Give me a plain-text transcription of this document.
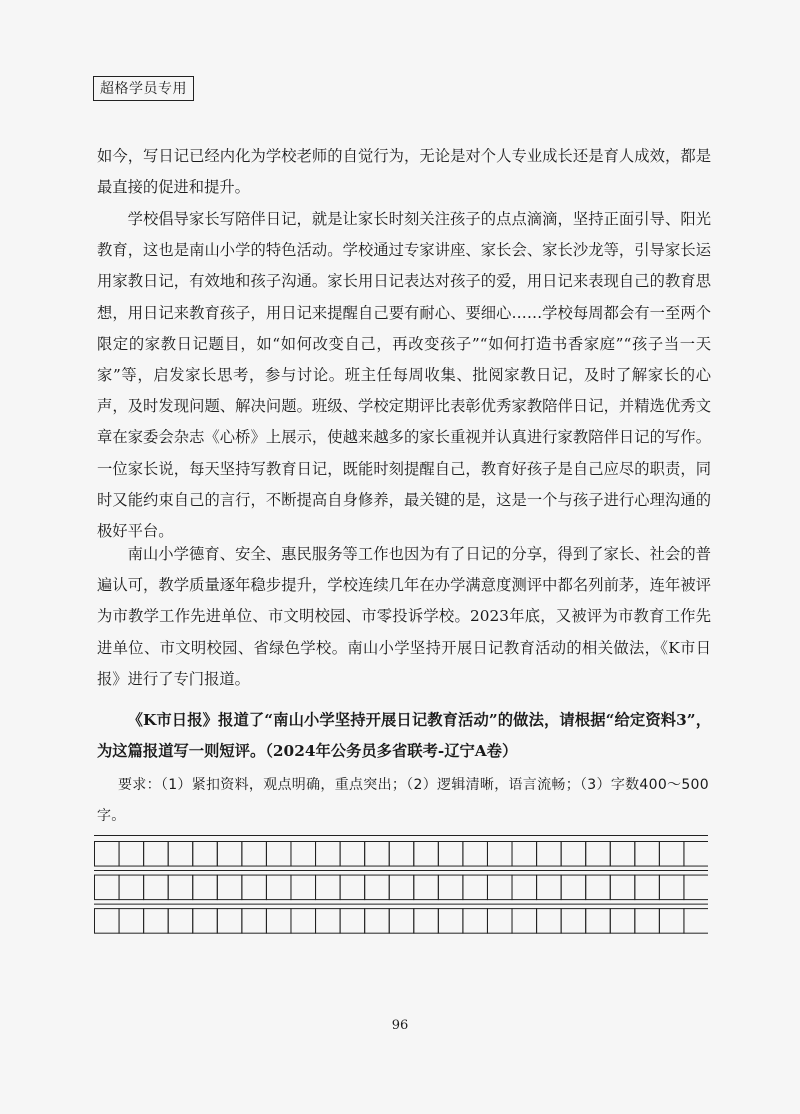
超格学员专用

如今，写日记已经内化为学校老师的自觉行为，无论是对个人专业成长还是育人成效，都是最直接的促进和提升。

学校倡导家长写陪伴日记，就是让家长时刻关注孩子的点点滴滴，坚持正面引导、阳光教育，这也是南山小学的特色活动。学校通过专家讲座、家长会、家长沙龙等，引导家长运用家教日记，有效地和孩子沟通。家长用日记表达对孩子的爱，用日记来表现自己的教育思想，用日记来教育孩子，用日记来提醒自己要有耐心、要细心……学校每周都会有一至两个限定的家教日记题目，如“如何改变自己，再改变孩子”“如何打造书香家庭”“孩子当一天家”等，启发家长思考，参与讨论。班主任每周收集、批阅家教日记，及时了解家长的心声，及时发现问题、解决问题。班级、学校定期评比表彰优秀家教陪伴日记，并精选优秀文章在家委会杂志《心桥》上展示，使越来越多的家长重视并认真进行家教陪伴日记的写作。一位家长说，每天坚持写教育日记，既能时刻提醒自己，教育好孩子是自己应尽的职责，同时又能约束自己的言行，不断提高自身修养，最关键的是，这是一个与孩子进行心理沟通的极好平台。

南山小学德育、安全、惠民服务等工作也因为有了日记的分享，得到了家长、社会的普遍认可，教学质量逐年稳步提升，学校连续几年在办学满意度测评中都名列前茅，连年被评为市教学工作先进单位、市文明校园、市零投诉学校。2023年底，又被评为市教育工作先进单位、市文明校园、省绿色学校。南山小学坚持开展日记教育活动的相关做法，《K市日报》进行了专门报道。

《K市日报》报道了“南山小学坚持开展日记教育活动”的做法，请根据“给定资料3”，为这篇报道写一则短评。（2024年公务员多省联考-辽宁A卷）

要求：（1）紧扣资料，观点明确，重点突出；（2）逻辑清晰，语言流畅；（3）字数400～500字。

96
